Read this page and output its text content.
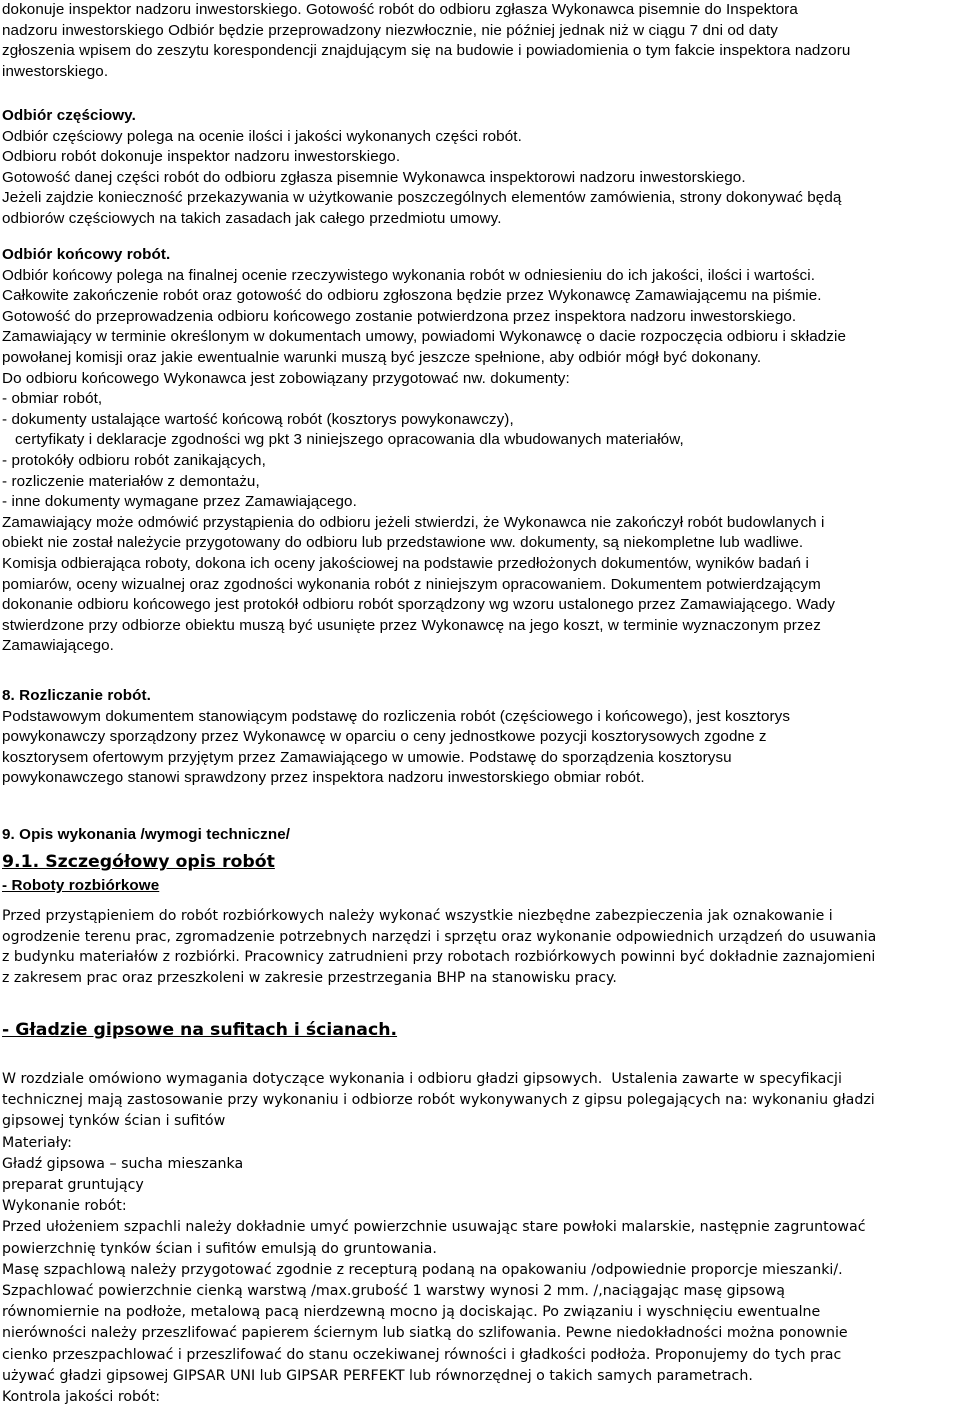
dokonuje inspektor nadzoru inwestorskiego. Gotowość robót do odbioru zgłasza Wykonawca pisemnie do Inspektora
nadzoru inwestorskiego Odbiór będzie przeprowadzony niezwłocznie, nie później jednak niż w ciągu 7 dni od daty
zgłoszenia wpisem do zeszytu korespondencji znajdującym się na budowie i powiadomienia o tym fakcie inspektora nadzoru
inwestorskiego.
Odbiór częściowy.
Odbiór częściowy polega na ocenie ilości i jakości wykonanych części robót.
Odbioru robót dokonuje inspektor nadzoru inwestorskiego.
Gotowość danej części robót do odbioru zgłasza pisemnie Wykonawca inspektorowi nadzoru inwestorskiego.
Jeżeli zajdzie konieczność przekazywania w użytkowanie poszczególnych elementów zamówienia, strony dokonywać będą
odbiorów częściowych na takich zasadach jak całego przedmiotu umowy.
Odbiór końcowy robót.
Odbiór końcowy polega na finalnej ocenie rzeczywistego wykonania robót w odniesieniu do ich jakości, ilości i wartości.
Całkowite zakończenie robót oraz gotowość do odbioru zgłoszona będzie przez Wykonawcę Zamawiającemu na piśmie.
Gotowość do przeprowadzenia odbioru końcowego zostanie potwierdzona przez inspektora nadzoru inwestorskiego.
Zamawiający w terminie określonym w dokumentach umowy, powiadomi Wykonawcę o dacie rozpoczęcia odbioru i składzie
powołanej komisji oraz jakie ewentualnie warunki muszą być jeszcze spełnione, aby odbiór mógł być dokonany.
Do odbioru końcowego Wykonawca jest zobowiązany przygotować nw. dokumenty:
- obmiar robót,
- dokumenty ustalające wartość końcową robót (kosztorys powykonawczy),
certyfikaty i deklaracje zgodności wg pkt 3 niniejszego opracowania dla wbudowanych materiałów,
- protokóły odbioru robót zanikających,
- rozliczenie materiałów z demontażu,
- inne dokumenty wymagane przez Zamawiającego.
Zamawiający może odmówić przystąpienia do odbioru jeżeli stwierdzi, że Wykonawca nie zakończył robót budowlanych i
obiekt nie został należycie przygotowany do odbioru lub przedstawione ww. dokumenty, są niekompletne lub wadliwe.
Komisja odbierająca roboty, dokona ich oceny jakościowej na podstawie przedłożonych dokumentów, wyników badań i
pomiarów, oceny wizualnej oraz zgodności wykonania robót z niniejszym opracowaniem. Dokumentem potwierdzającym
dokonanie odbioru końcowego jest protokół odbioru robót sporządzony wg wzoru ustalonego przez Zamawiającego. Wady
stwierdzone przy odbiorze obiektu muszą być usunięte przez Wykonawcę na jego koszt, w terminie wyznaczonym przez
Zamawiającego.
8. Rozliczanie robót.
Podstawowym dokumentem stanowiącym podstawę do rozliczenia robót (częściowego i końcowego), jest kosztorys
powykonawczy sporządzony przez Wykonawcę w oparciu o ceny jednostkowe pozycji kosztorysowych zgodne z
kosztorysem ofertowym przyjętym przez Zamawiającego w umowie. Podstawę do sporządzenia kosztorysu
powykonawczego stanowi sprawdzony przez inspektora nadzoru inwestorskiego obmiar robót.
9. Opis wykonania /wymogi techniczne/
9.1. Szczegółowy opis robót
- Roboty rozbiórkowe
Przed przystąpieniem do robót rozbiórkowych należy wykonać wszystkie niezbędne zabezpieczenia jak oznakowanie i
ogrodzenie terenu prac, zgromadzenie potrzebnych narzędzi i sprzętu oraz wykonanie odpowiednich urządzeń do usuwania
z budynku materiałów z rozbiórki. Pracownicy zatrudnieni przy robotach rozbiórkowych powinni być dokładnie zaznajomieni
z zakresem prac oraz przeszkoleni w zakresie przestrzegania BHP na stanowisku pracy.
- Gładzie gipsowe na sufitach i ścianach.
W rozdziale omówiono wymagania dotyczące wykonania i odbioru gładzi gipsowych.  Ustalenia zawarte w specyfikacji
technicznej mają zastosowanie przy wykonaniu i odbiorze robót wykonywanych z gipsu polegających na: wykonaniu gładzi
gipsowej tynków ścian i sufitów
Materiały:
Gładź gipsowa – sucha mieszanka
preparat gruntujący
Wykonanie robót:
Przed ułożeniem szpachli należy dokładnie umyć powierzchnie usuwając stare powłoki malarskie, następnie zagruntować
powierzchnię tynków ścian i sufitów emulsją do gruntowania.
Masę szpachlową należy przygotować zgodnie z recepturą podaną na opakowaniu /odpowiednie proporcje mieszanki/.
Szpachlować powierzchnie cienką warstwą /max.grubość 1 warstwy wynosi 2 mm. /,naciągając masę gipsową
równomiernie na podłoże, metalową pacą nierdzewną mocno ją dociskając. Po związaniu i wyschnięciu ewentualne
nierówności należy przeszlifować papierem ściernym lub siatką do szlifowania. Pewne niedokładności można ponownie
cienko przeszpachlować i przeszlifować do stanu oczekiwanej równości i gładkości podłoża. Proponujemy do tych prac
używać gładzi gipsowej GIPSAR UNI lub GIPSAR PERFEKT lub równorzędnej o takich samych parametrach.
Kontrola jakości robót:
